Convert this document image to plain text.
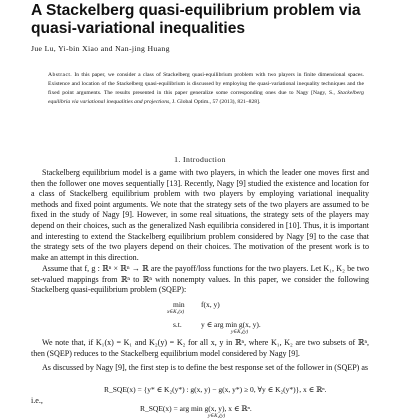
A Stackelberg quasi-equilibrium problem via quasi-variational inequalities
Jue Lu, Yi-bin Xiao and Nan-jing Huang

Abstract. In this paper, we consider a class of Stackelberg quasi-equilibrium problem with two players in finite dimensional spaces. Existence and location of the Stackelberg quasi-equilibrium is discussed by employing the quasi-variational inequality techniques and the fixed point arguments. The results presented in this paper generalize some corresponding ones due to Nagy [Nagy, S., Stackelberg equilibria via variational inequalities and projections, J. Global Optim., 57 (2013), 821–828].

1. Introduction

Stackelberg equilibrium model is a game with two players, in which the leader one moves first and then the follower one moves sequentially [13]. Recently, Nagy [9] studied the existence and location for a class of Stackelberg equilibrium problem with two players by employing variational inequality methods and fixed point arguments. We note that the strategy sets of the two players are assumed to be fixed in the study of Nagy [9]. However, in some real situations, the strategy sets of the players may depend on their choices, such as the generalized Nash equilibria considered in [10]. Thus, it is important and interesting to extend the Stackelberg equilibrium problem considered by Nagy [9] to the case that the strategy sets of the two players depend on their choices. The motivation of the present work is to make an attempt in this direction.

Assume that f, g : ℝⁿ × ℝⁿ → ℝ are the payoff/loss functions for the two players. Let K₁, K₂ be two set-valued mappings from ℝⁿ to ℝⁿ with nonempty values. In this paper, we consider the following Stackelberg quasi-equilibrium problem (SQEP):

min
x∈K₁(x)
f(x, y)
s.t.	y ∈ arg min g(x, y).
y∈K₂(y)

We note that, if K₁(x) = K₁ and K₂(y) = K₂ for all x, y in ℝⁿ, where K₁, K₂ are two subsets of ℝⁿ, then (SQEP) reduces to the Stackelberg equilibrium model considered by Nagy [9].

As discussed by Nagy [9], the first step is to define the best response set of the follower in (SQEP) as

R_SQE(x) = {y* ∈ K₂(y*) : g(x, y) − g(x, y*) ≥ 0, ∀y ∈ K₂(y*)}, x ∈ ℝⁿ.

i.e.,

R_SQE(x) = arg min g(x, y), x ∈ ℝⁿ.
y∈K₂(y)
